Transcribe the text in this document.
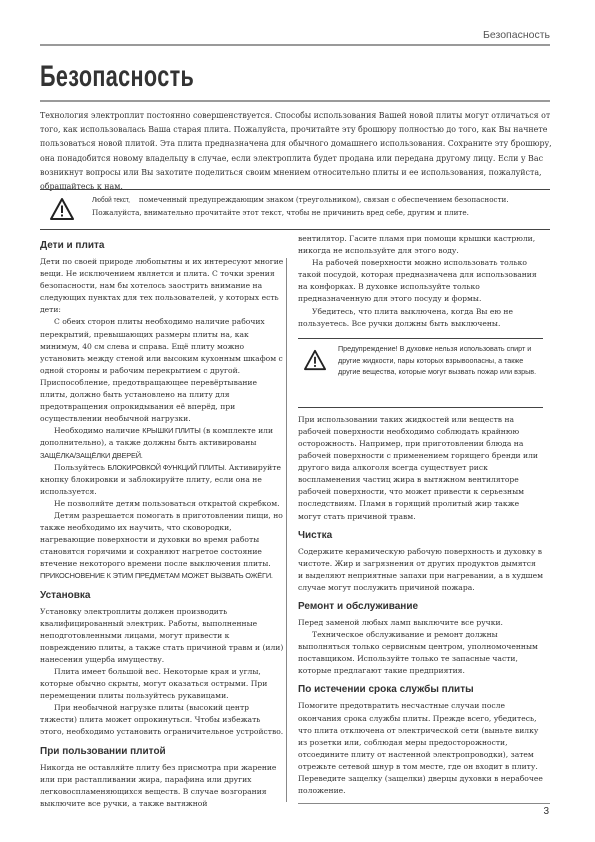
Безопасность
Безопасность

Технология электроплит постоянно совершенствуется. Способы использования Вашей новой плиты могут отличаться от того, как использовалась Ваша старая плита. Пожалуйста, прочитайте эту брошюру полностью до того, как Вы начнете пользоваться новой плитой. Эта плита предназначена для обычного домашнего использования. Сохраните эту брошюру, она понадобится новому владельцу в случае, если электроплита будет продана или передана другому лицу. Если у Вас возникнут вопросы или Вы захотите поделиться своим мнением относительно плиты и ее использования, пожалуйста, обращайтесь к нам.

Любой текст, помеченный предупреждающим знаком (треугольником), связан с обеспечением безопасности. Пожалуйста, внимательно прочитайте этот текст, чтобы не причинить вред себе, другим и плите.

Дети и плита

Дети по своей природе любопытны и их интересуют многие вещи. Не исключением является и плита. С точки зрения безопасности, нам бы хотелось заострить внимание на следующих пунктах для тех пользователей, у которых есть дети:

С обеих сторон плиты необходимо наличие рабочих перекрытий, превышающих размеры плиты на, как минимум, 40 см слева и справа. Ещё плиту можно установить между стеной или высоким кухонным шкафом с одной стороны и рабочим перекрытием с другой. Приспособление, предотвращающее перевёртывание плиты, должно быть установлено на плиту для предотвращения опрокидывания её вперёд, при осуществлении необычной нагрузки.

Необходимо наличие КРЫШКИ ПЛИТЫ (в комплекте или дополнительно), а также должны быть активированы ЗАЩЁЛКА/ЗАЩЁЛКИ ДВЕРЕЙ.

Пользуйтесь БЛОКИРОВКОЙ ФУНКЦИЙ ПЛИТЫ. Активируйте кнопку блокировки и заблокируйте плиту, если она не используется.

Не позволяйте детям пользоваться открытой скребком.

Детям разрешается помогать в приготовлении пищи, но также необходимо их научить, что сковородки, нагревающие поверхности и духовки во время работы становятся горячими и сохраняют нагретое состояние втечение некоторого времени после выключения плиты. ПРИКОСНОВЕНИЕ К ЭТИМ ПРЕДМЕТАМ МОЖЕТ ВЫЗВАТЬ ОЖЁГИ.

Установка

Установку электроплиты должен производить квалифицированный электрик. Работы, выполненные неподготовленными лицами, могут привести к повреждению плиты, а также стать причиной травм и (или) нанесения ущерба имуществу.

Плита имеет большой вес. Некоторые края и углы, которые обычно скрыты, могут оказаться острыми. При перемещении плиты пользуйтесь рукавицами.

При необычной нагрузке плиты (высокий центр тяжести) плита может опрокинуться. Чтобы избежать этого, необходимо установить ограничительное устройство.

При пользовании плитой

Никогда не оставляйте плиту без присмотра при жарение или при растапливании жира, парафина или других легковоспламеняющихся веществ. В случае возгорания выключите все ручки, а также вытяжной

вентилятор. Гасите пламя при помощи крышки кастрюли, никогда не используйте для этого воду.

На рабочей поверхности можно использовать только такой посудой, которая предназначена для использования на конфорках. В духовке используйте только предназначенную для этого посуду и формы.

Убедитесь, что плита выключена, когда Вы ею не пользуетесь. Все ручки должны быть выключены.

Предупреждение! В духовке нельзя использовать спирт и другие жидкости, пары которых взрывоопасны, а также другие вещества, которые могут вызвать пожар или взрыв.

При использовании таких жидкостей или веществ на рабочей поверхности необходимо соблюдать крайнюю осторожность. Например, при приготовлении блюда на рабочей поверхности с применением горящего бренди или другого вида алкоголя всегда существует риск воспламенения частиц жира в вытяжном вентиляторе рабочей поверхности, что может привести к серьезным последствиям. Пламя в горящий пролитый жир также могут стать причиной травм.

Чистка

Содержите керамическую рабочую поверхность и духовку в чистоте. Жир и загрязнения от других продуктов дымятся и выделяют неприятные запахи при нагревании, а в худшем случае могут послужить причиной пожара.

Ремонт и обслуживание

Перед заменой любых ламп выключите все ручки.

Техническое обслуживание и ремонт должны выполняться только сервисным центром, уполномоченным поставщиком. Используйте только те запасные части, которые предлагают такие предприятия.

По истечении срока службы плиты

Помогите предотвратить несчастные случаи после окончания срока службы плиты. Прежде всего, убедитесь, что плита отключена от электрической сети (выньте вилку из розетки или, соблюдая меры предосторожности, отсоедините плиту от настенной электропроводки), затем отрежьте сетевой шнур в том месте, где он входит в плиту. Переведите защелку (защелки) дверцы духовки в нерабочее положение.

3
